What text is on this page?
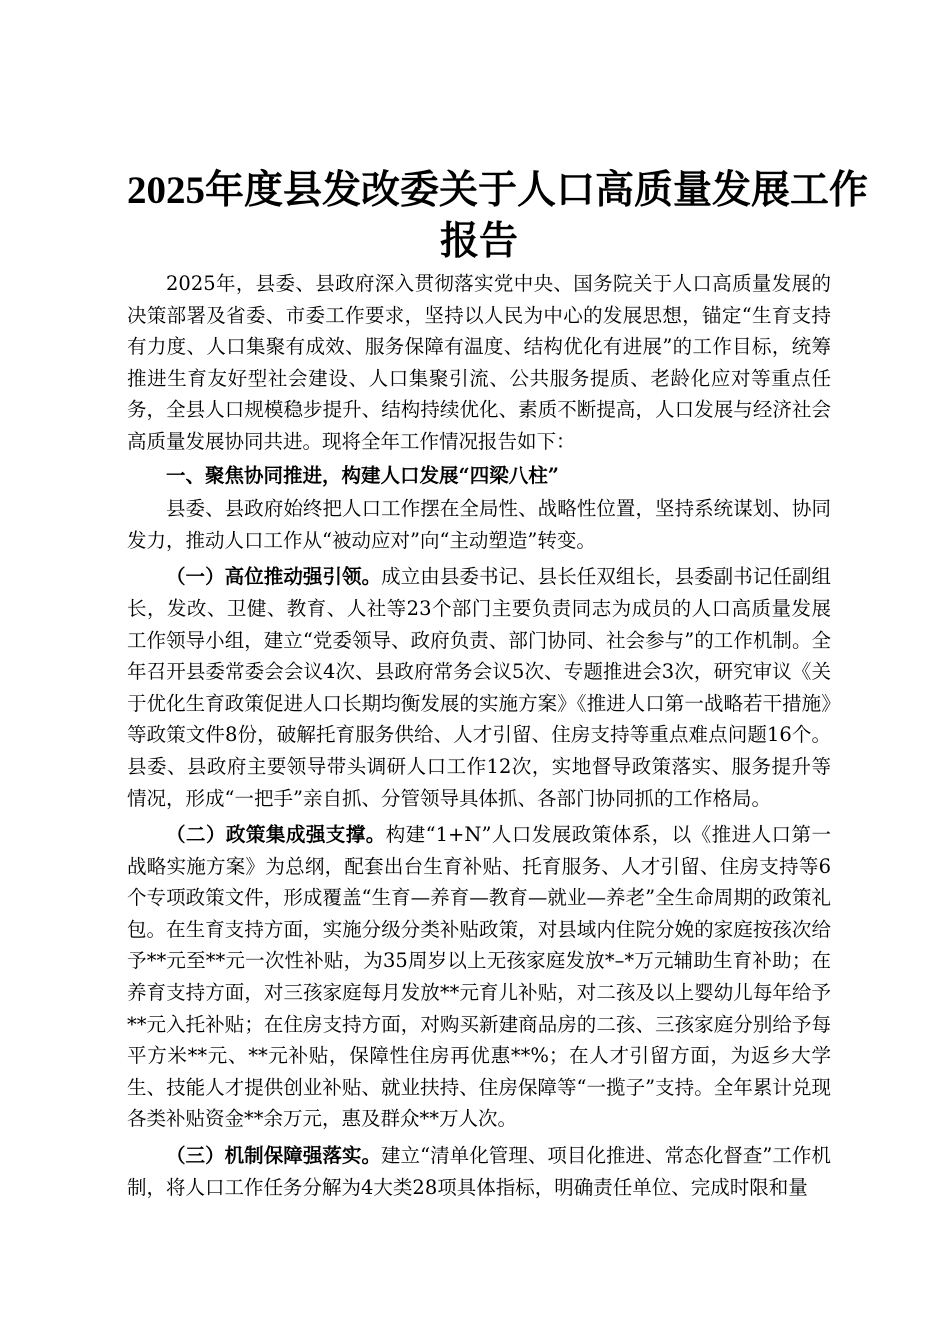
2025年度县发改委关于人口高质量发展工作
报告

2025年，县委、县政府深入贯彻落实党中央、国务院关于人口高质量发展的决策部署及省委、市委工作要求，坚持以人民为中心的发展思想，锚定“生育支持有力度、人口集聚有成效、服务保障有温度、结构优化有进展”的工作目标，统筹推进生育友好型社会建设、人口集聚引流、公共服务提质、老龄化应对等重点任务，全县人口规模稳步提升、结构持续优化、素质不断提高，人口发展与经济社会高质量发展协同共进。现将全年工作情况报告如下：

一、聚焦协同推进，构建人口发展“四梁八柱”

县委、县政府始终把人口工作摆在全局性、战略性位置，坚持系统谋划、协同发力，推动人口工作从“被动应对”向“主动塑造”转变。

（一）高位推动强引领。成立由县委书记、县长任双组长，县委副书记任副组长，发改、卫健、教育、人社等23个部门主要负责同志为成员的人口高质量发展工作领导小组，建立“党委领导、政府负责、部门协同、社会参与”的工作机制。全年召开县委常委会会议4次、县政府常务会议5次、专题推进会3次，研究审议《关于优化生育政策促进人口长期均衡发展的实施方案》《推进人口第一战略若干措施》等政策文件8份，破解托育服务供给、人才引留、住房支持等重点难点问题16个。县委、县政府主要领导带头调研人口工作12次，实地督导政策落实、服务提升等情况，形成“一把手”亲自抓、分管领导具体抓、各部门协同抓的工作格局。

（二）政策集成强支撑。构建“1+N”人口发展政策体系，以《推进人口第一战略实施方案》为总纲，配套出台生育补贴、托育服务、人才引留、住房支持等6个专项政策文件，形成覆盖“生育—养育—教育—就业—养老”全生命周期的政策礼包。在生育支持方面，实施分级分类补贴政策，对县域内住院分娩的家庭按孩次给予**元至**元一次性补贴，为35周岁以上无孩家庭发放*–*万元辅助生育补助；在养育支持方面，对三孩家庭每月发放**元育儿补贴，对二孩及以上婴幼儿每年给予**元入托补贴；在住房支持方面，对购买新建商品房的二孩、三孩家庭分别给予每平方米**元、**元补贴，保障性住房再优惠**%；在人才引留方面，为返乡大学生、技能人才提供创业补贴、就业扶持、住房保障等“一揽子”支持。全年累计兑现各类补贴资金**余万元，惠及群众**万人次。

（三）机制保障强落实。建立“清单化管理、项目化推进、常态化督查”工作机制，将人口工作任务分解为4大类28项具体指标，明确责任单位、完成时限和量
